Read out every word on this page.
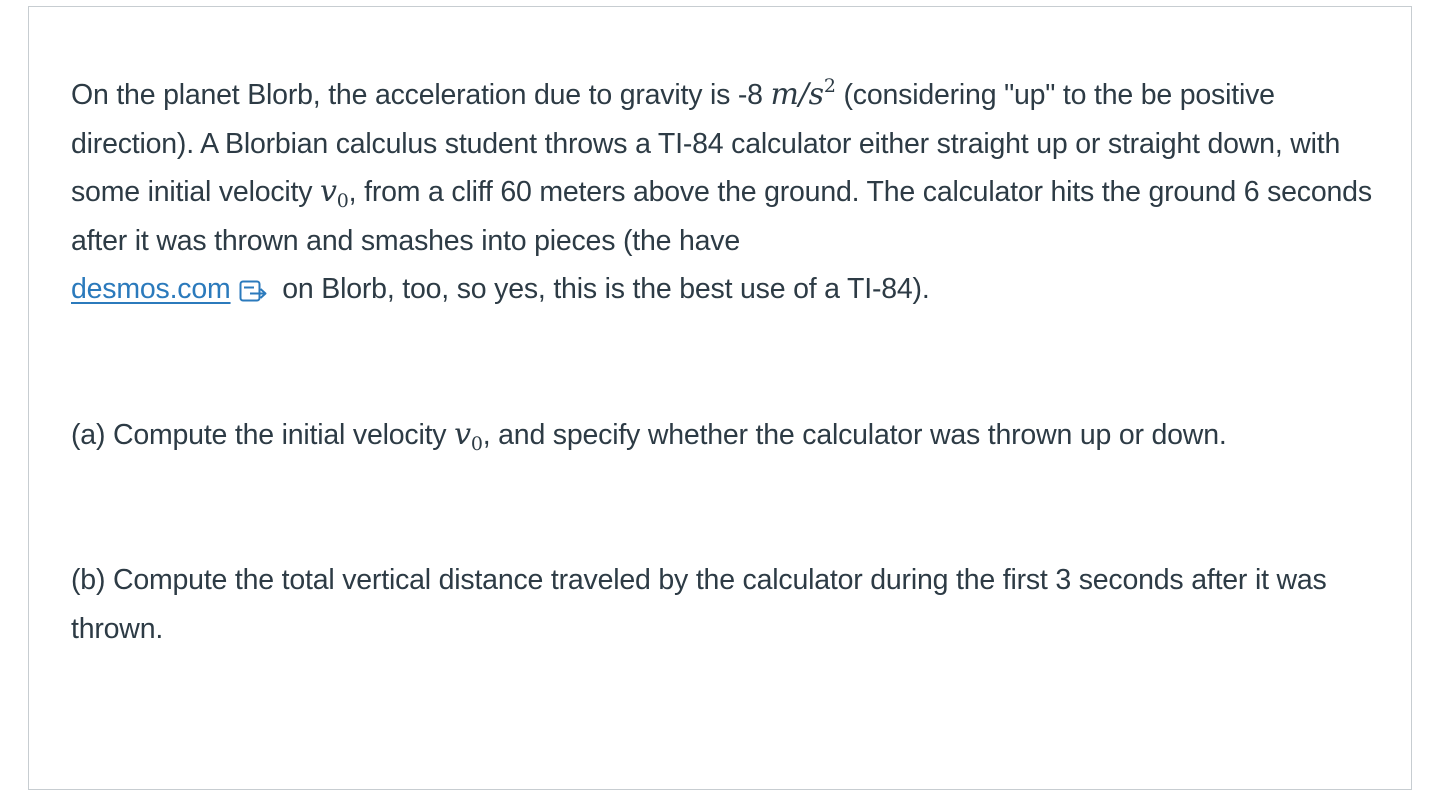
On the planet Blorb, the acceleration due to gravity is -8 $m/s^2$ (considering "up" to the be positive direction). A Blorbian calculus student throws a TI-84 calculator either straight up or straight down, with some initial velocity $v_0$, from a cliff 60 meters above the ground. The calculator hits the ground 6 seconds after it was thrown and smashes into pieces (the have
desmos.com on Blorb, too, so yes, this is the best use of a TI-84).

(a) Compute the initial velocity $v_0$, and specify whether the calculator was thrown up or down.

(b) Compute the total vertical distance traveled by the calculator during the first 3 seconds after it was thrown.
